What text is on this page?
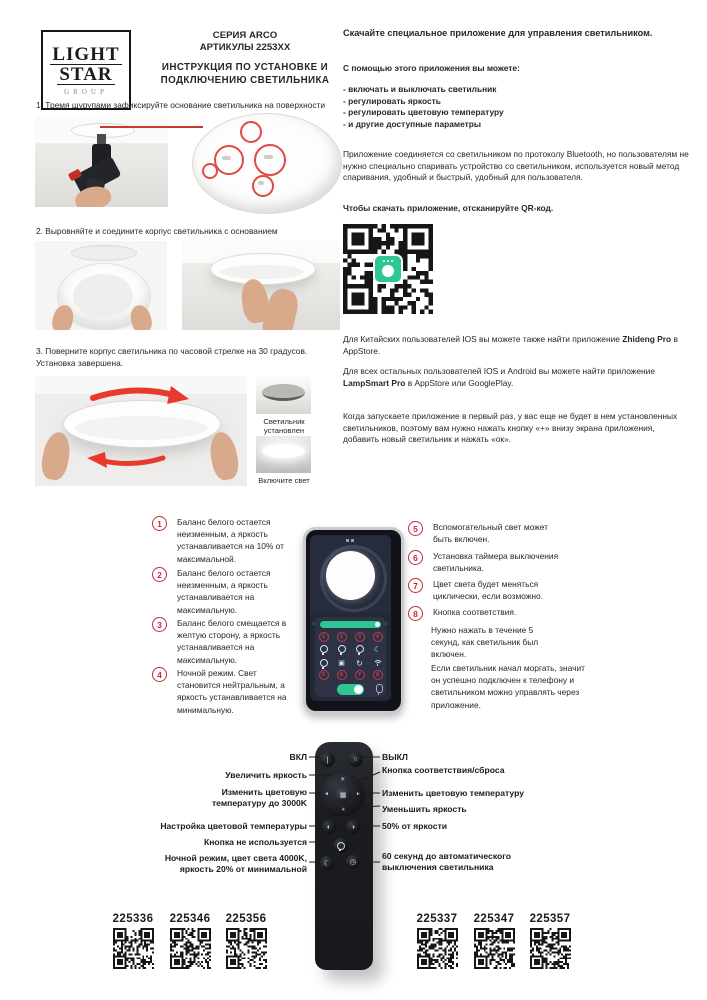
LIGHT
STAR
GROUP
СЕРИЯ ARCO
АРТИКУЛЫ 2253XX
ИНСТРУКЦИЯ ПО УСТАНОВКЕ И ПОДКЛЮЧЕНИЮ СВЕТИЛЬНИКА
Скачайте специальное приложение для управления светильником.
С помощью этого приложения вы можете:
- включать и выключать светильник
- регулировать яркость
- регулировать цветовую температуру
- и другие доступные параметры
Приложение соединяется со светильником по протоколу Bluetooth, но пользователям не нужно специально спаривать устройство со светильником, используется новый метод спаривания, удобный и быстрый, удобный для пользователя.
Чтобы скачать приложение, отсканируйте QR-код.
Для Китайских пользователей IOS вы можете также найти приложение Zhideng Pro в AppStore.
Для всех остальных пользователей IOS и Android вы можете найти приложение LampSmart Pro в AppStore или GooglePlay.
Когда запускаете приложение в первый раз, у вас еще не будет в нем установленных светильников, поэтому вам нужно нажать кнопку «+» внизу экрана приложения, добавить новый светильник и нажать «ок».
1. Тремя шурупами зафиксируйте основание светильника на поверхности
2. Выровняйте и соедините корпус светильника с основанием
3. Поверните корпус светильника по часовой стрелке на 30 градусов. Установка завершена.
Светильник установлен
Включите свет
1	Баланс белого остается неизменным, а яркость устанавливается на 10% от максимальной.
2	Баланс белого остается неизменным, а яркость устанавливается на максимальную.
3	Баланс белого смещается в желтую сторону, а яркость устанавливается на максимальную.
4	Ночной режим. Свет становится нейтральным, а яркость устанавливается на минимальную.
☼	☼
1	2	3	4
☾
5
▣
6
↻
7	8
5	Вспомогательный свет может быть включен.
6	Установка таймера выключения светильника.
7	Цвет света будет меняться циклически, если возможно.
8	Кнопка соответствия.
Нужно нажать в течение 5 секунд, как светильник был включен.
Если светильник начал моргать, значит он успешно подключен к телефону и светильником можно управлять через приложение.
❘	○
☀
☀
◄	►
▦
◐	◑
☾	◷
ВКЛ
Увеличить яркость
Изменить цветовую температуру до 3000K
Настройка цветовой температуры
Кнопка не используется
Ночной режим, цвет света 4000K, яркость 20% от минимальной
ВЫКЛ
Кнопка соответствия/сброса
Изменить цветовую температуру
Уменьшить яркость
50% от яркости
60 секунд до автоматического выключения светильника
225336	225346	225356	225337	225347	225357
